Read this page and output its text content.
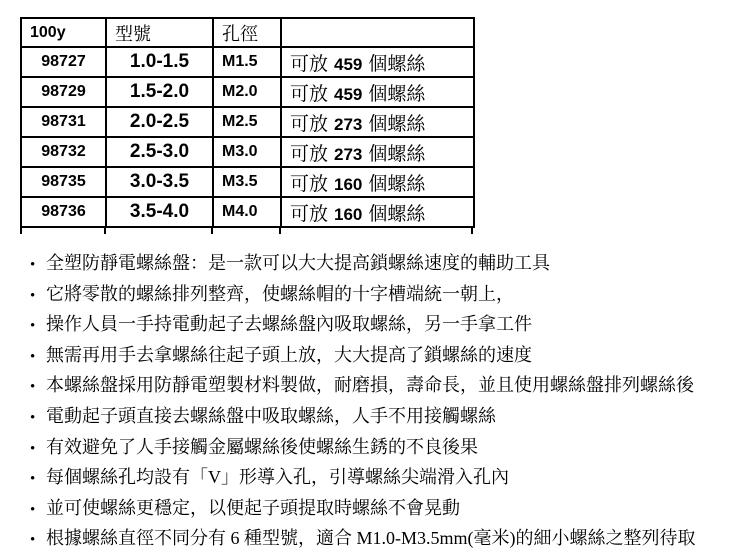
100y	型號	孔徑	
98727	1.0-1.5	M1.5	可放 459 個螺絲
98729	1.5-2.0	M2.0	可放 459 個螺絲
98731	2.0-2.5	M2.5	可放 273 個螺絲
98732	2.5-3.0	M3.0	可放 273 個螺絲
98735	3.0-3.5	M3.5	可放 160 個螺絲
98736	3.5-4.0	M4.0	可放 160 個螺絲
• 全塑防靜電螺絲盤：是一款可以大大提高鎖螺絲速度的輔助工具
• 它將零散的螺絲排列整齊，使螺絲帽的十字槽端統一朝上，
• 操作人員一手持電動起子去螺絲盤內吸取螺絲，另一手拿工件
• 無需再用手去拿螺絲往起子頭上放，大大提高了鎖螺絲的速度
• 本螺絲盤採用防靜電塑製材料製做，耐磨損，壽命長，並且使用螺絲盤排列螺絲後
• 電動起子頭直接去螺絲盤中吸取螺絲，人手不用接觸螺絲
• 有效避免了人手接觸金屬螺絲後使螺絲生銹的不良後果
• 每個螺絲孔均設有「V」形導入孔，引導螺絲尖端滑入孔內
• 並可使螺絲更穩定，以便起子頭提取時螺絲不會晃動
• 根據螺絲直徑不同分有 6 種型號，適合 M1.0-M3.5mm(毫米)的細小螺絲之整列待取
